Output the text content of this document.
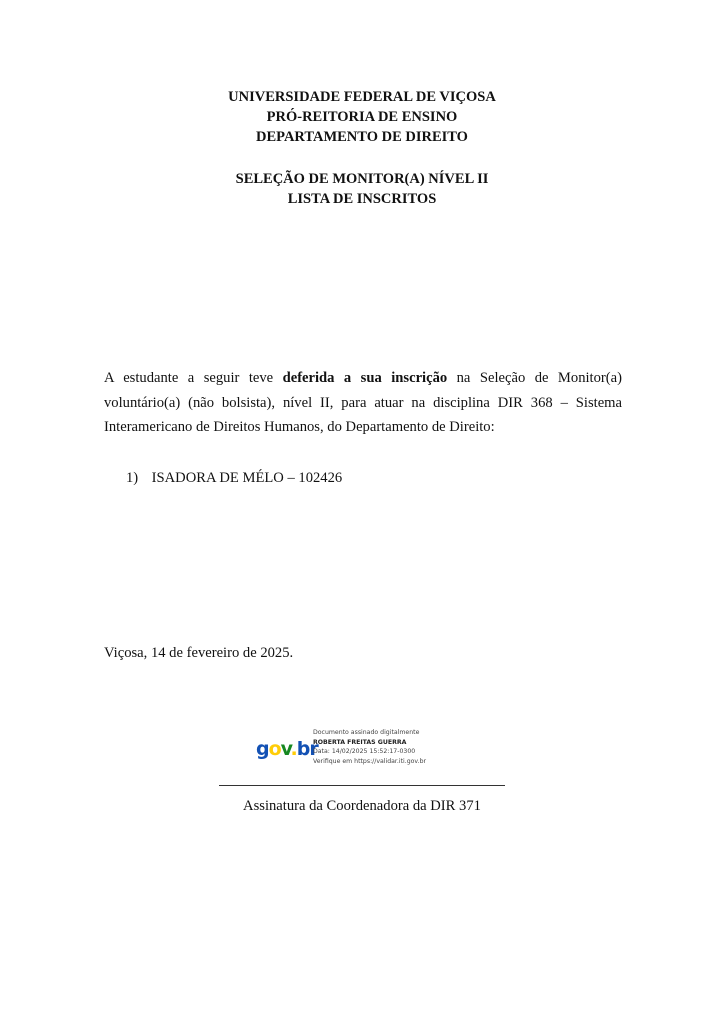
UNIVERSIDADE FEDERAL DE VIÇOSA
PRÓ-REITORIA DE ENSINO
DEPARTAMENTO DE DIREITO
SELEÇÃO DE MONITOR(A) NÍVEL II
LISTA DE INSCRITOS

A estudante a seguir teve deferida a sua inscrição na Seleção de Monitor(a) voluntário(a) (não bolsista), nível II, para atuar na disciplina DIR 368 – Sistema Interamericano de Direitos Humanos, do Departamento de Direito:

1) ISADORA DE MÉLO – 102426
Viçosa, 14 de fevereiro de 2025.
gov.br
Documento assinado digitalmente
ROBERTA FREITAS GUERRA
Data: 14/02/2025 15:52:17-0300
Verifique em https://validar.iti.gov.br
Assinatura da Coordenadora da DIR 371
